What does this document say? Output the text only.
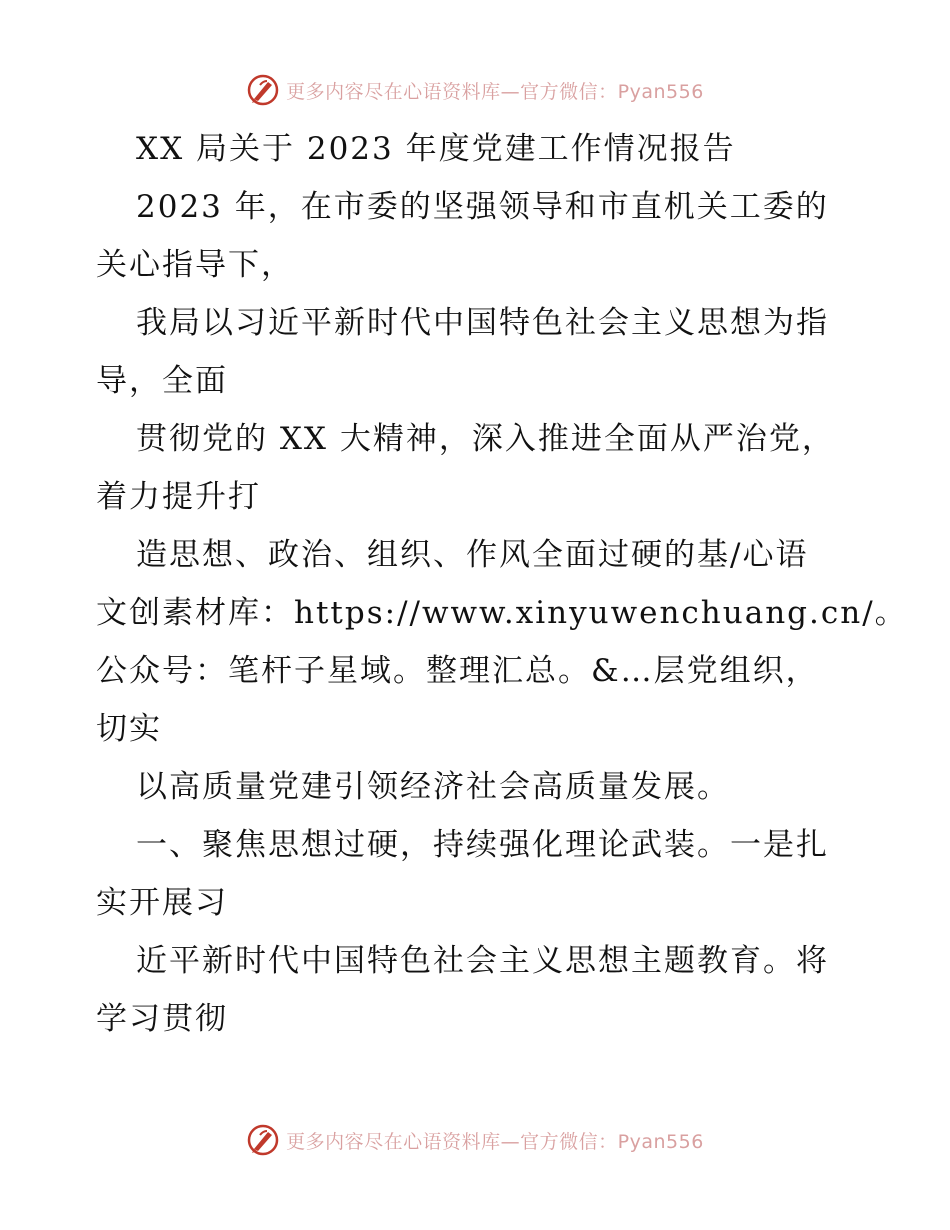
更多内容尽在心语资料库—官方微信：Pyan556
XX 局关于 2023 年度党建工作情况报告
2023 年，在市委的坚强领导和市直机关工委的
关心指导下，
我局以习近平新时代中国特色社会主义思想为指
导，全面
贯彻党的 XX 大精神，深入推进全面从严治党，
着力提升打
造思想、政治、组织、作风全面过硬的基/心语
文创素材库：https://www.xinyuwenchuang.cn/。
公众号：笔杆子星域。整理汇总。&…层党组织，
切实
以高质量党建引领经济社会高质量发展。
一、聚焦思想过硬，持续强化理论武装。一是扎
实开展习
近平新时代中国特色社会主义思想主题教育。将
学习贯彻
更多内容尽在心语资料库—官方微信：Pyan556
